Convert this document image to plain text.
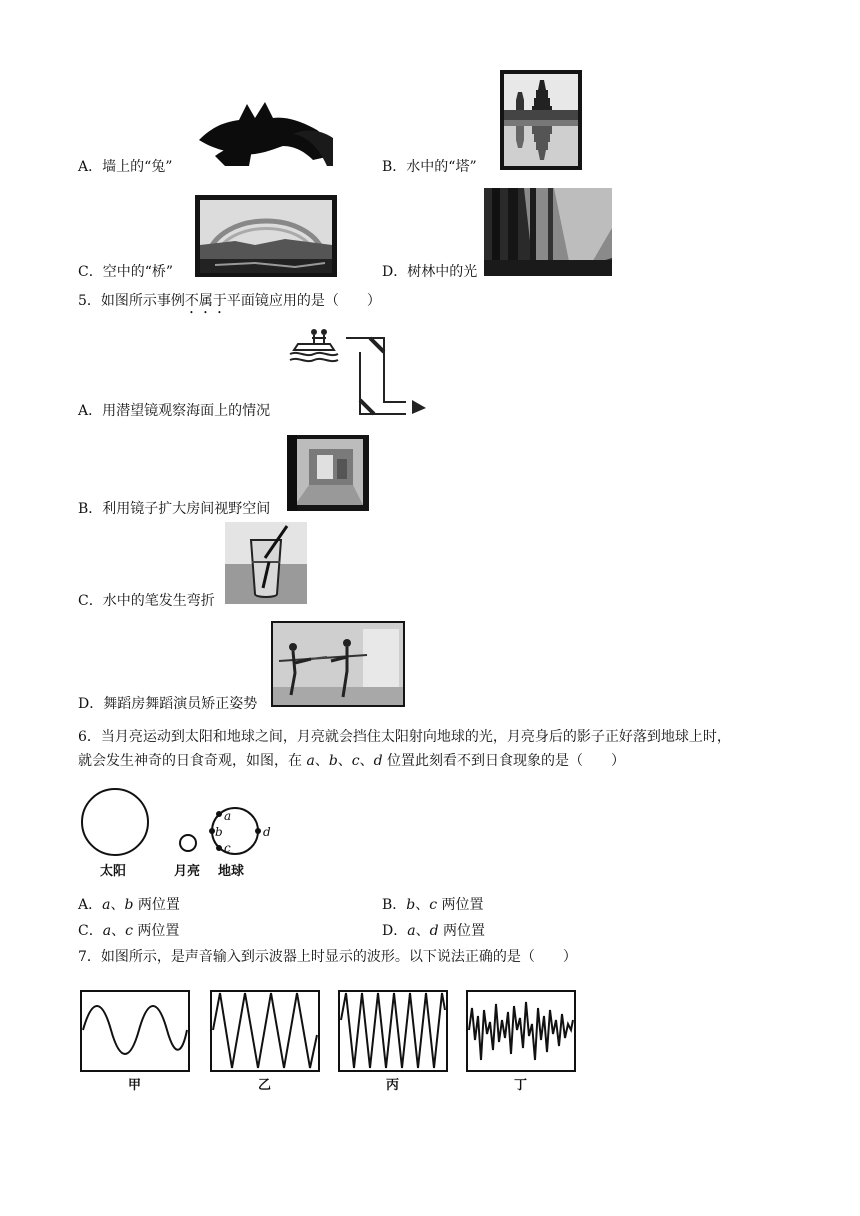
A．墙上的“兔”	B．水中的“塔”
C．空中的“桥”	D．树林中的光
5．如图所示事例不属于平面镜应用的是（　　）
A．用潜望镜观察海面上的情况
B．利用镜子扩大房间视野空间
C．水中的笔发生弯折
D．舞蹈房舞蹈演员矫正姿势
6．当月亮运动到太阳和地球之间，月亮就会挡住太阳射向地球的光，月亮身后的影子正好落到地球上时，
就会发生神奇的日食奇观，如图，在 a、b、c、d 位置此刻看不到日食现象的是（　　）
a
b
c
d
太阳	月亮 地球
A．a、b 两位置	B．b、c 两位置
C．a、c 两位置	D．a、d 两位置
7．如图所示，是声音输入到示波器上时显示的波形。以下说法正确的是（　　）
甲	乙	丙	丁
